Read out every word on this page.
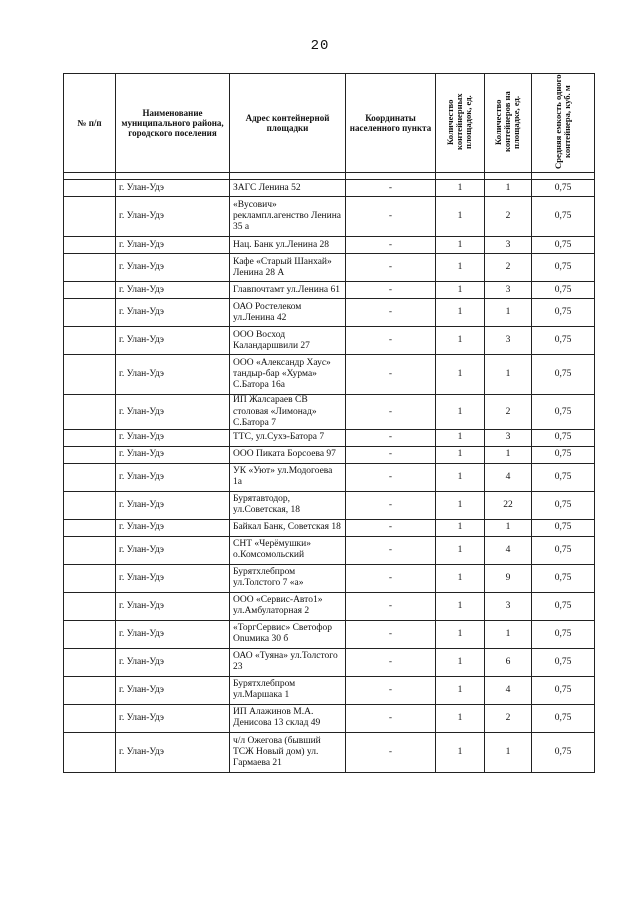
20
№ п/п	Наименование муниципального района, городского поселения	Адрес контейнерной площадки	Координаты населенного пункта	Количество контейнерных площадок, ед.	Количество контейнеров на площадке, ед.	Средняя емкость одного контейнера, куб. м

	г. Улан-Удэ	ЗАГС Ленина 52	-	1	1	0,75
	г. Улан-Удэ	«Вусович» реклампл.агенство Ленина 35 а	-	1	2	0,75
	г. Улан-Удэ	Нац. Банк ул.Ленина 28	-	1	3	0,75
	г. Улан-Удэ	Кафе «Старый Шанхай» Ленина 28 А	-	1	2	0,75
	г. Улан-Удэ	Главпочтамт ул.Ленина 61	-	1	3	0,75
	г. Улан-Удэ	ОАО Ростелеком ул.Ленина 42	-	1	1	0,75
	г. Улан-Удэ	ООО Восход Каландаршвили 27	-	1	3	0,75
	г. Улан-Удэ	ООО «Александр Хаус» тандыр-бар «Хурма» С.Батора 16а	-	1	1	0,75
	г. Улан-Удэ	ИП Жалсараев СВ столовая «Лимонад» С.Батора 7	-	1	2	0,75
	г. Улан-Удэ	ТТС, ул.Сухэ-Батора 7	-	1	3	0,75
	г. Улан-Удэ	ООО Пиката Борсоева 97	-	1	1	0,75
	г. Улан-Удэ	УК «Уют» ул.Модогоева 1а	-	1	4	0,75
	г. Улан-Удэ	Бурятавтодор, ул.Советская, 18	-	1	22	0,75
	г. Улан-Удэ	Байкал Банк, Советская 18	-	1	1	0,75
	г. Улан-Удэ	СНТ «Черёмушки» о.Комсомольский	-	1	4	0,75
	г. Улан-Удэ	Бурятхлебпром ул.Толстого 7 «а»	-	1	9	0,75
	г. Улан-Удэ	ООО «Сервис-Авто1» ул.Амбулаторная 2	-	1	3	0,75
	г. Улан-Удэ	«ТоргСервис» Светофор Onuмика 30 б	-	1	1	0,75
	г. Улан-Удэ	ОАО «Туяна» ул.Толстого 23	-	1	6	0,75
	г. Улан-Удэ	Бурятхлебпром ул.Маршака 1	-	1	4	0,75
	г. Улан-Удэ	ИП Алажинов М.А. Денисова 13 склад 49	-	1	2	0,75
	г. Улан-Удэ	ч/л Ожегова (бывший ТСЖ Новый дом) ул. Гармаева 21	-	1	1	0,75
